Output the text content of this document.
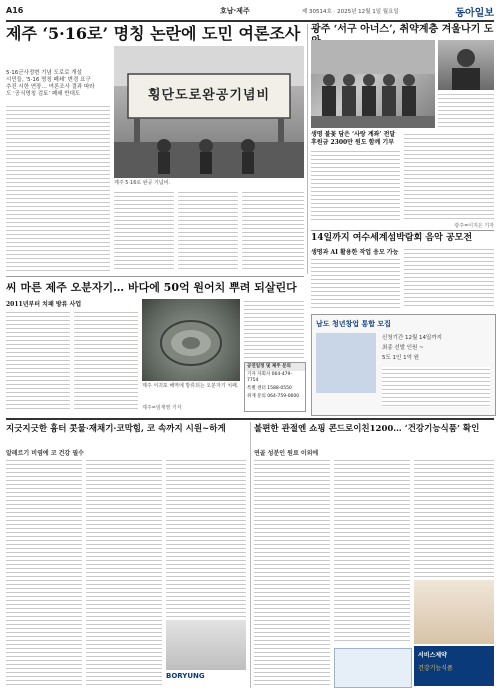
A16	호남·제주	제 30514호 · 2025년 12월 1일 월요일	동아일보
제주 ‘5·16로’ 명칭 논란에 도민 여론조사
5·16군사정변 기념 도로로 개설
시민들, ‘5·16 명칭 폐쇄’ 변경 요구
추진 시한 연장… 여론조사 결과 따라
도 ‘공식명칭 검토’ 폐쇄 반대도	횡단도로완공기념비
제주 5·16로 완공 기념비.
광주 ‘서구 아너스’, 취약계층 겨울나기 도
생명 불꽃 담은 ‘사랑 계좌’ 전달
후원금 2300만 원도 함께 기부
광주=이지은 기자
14일까지 여수세계섬박람회 음악 공모전
생명과 AI 활용한 작업 응모 가능
씨 마른 제주 오분자기… 바다에 50억 원어치 뿌려 되살린다
2011년부터 치패 방류 사업
제주 서귀포 해역에 방류되는 오분자기 치패.
공연일정 및 제주 문의
기자 자회사 064-479-7754
특별 센터 1588-0550
취재 문의 064-759-0600
제주=임재영 기자
남도 청년창업 통합 모집
신청기간 12월 14일까지
최종 선발 인원 ~
5도 1인 1억 원
지긋지긋한 흉터 콧물·재채기·코막힘, 코 속까지 시원~하게
알레르기 비염에 코 건강 필수
BORYUNG
불편한 관절엔 쇼핑 콘드로이친1200… ‘건강기능식품’ 확인
연골 성분인 원료 이외에
서비스제약
건강기능식품
